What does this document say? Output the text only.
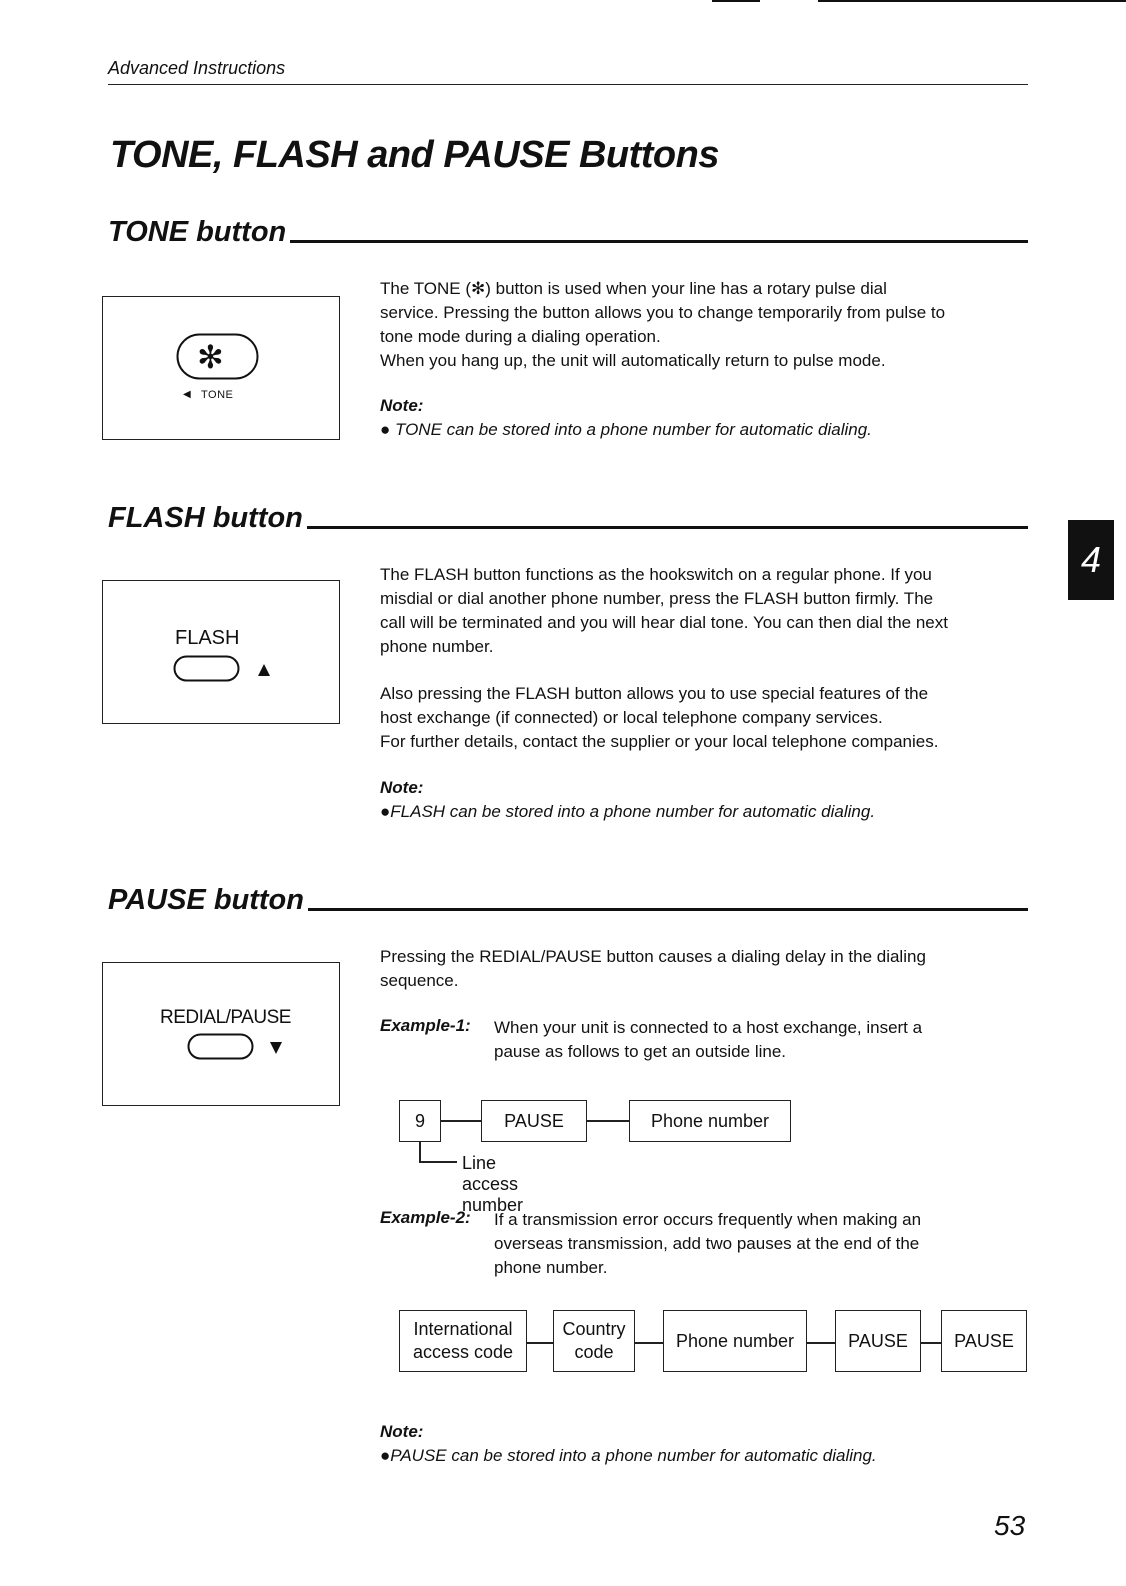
Advanced Instructions
TONE, FLASH and PAUSE Buttons
TONE button
✻
◀ TONE
The TONE (✻) button is used when your line has a rotary pulse dial
service. Pressing the button allows you to change temporarily from pulse to
tone mode during a dialing operation.
When you hang up, the unit will automatically return to pulse mode.
Note:
● TONE can be stored into a phone number for automatic dialing.
FLASH button
FLASH
The FLASH button functions as the hookswitch on a regular phone. If you
misdial or dial another phone number, press the FLASH button firmly. The
call will be terminated and you will hear dial tone. You can then dial the next
phone number.
Also pressing the FLASH button allows you to use special features of the
host exchange (if connected) or local telephone company services.
For further details, contact the supplier or your local telephone companies.
Note:
●FLASH can be stored into a phone number for automatic dialing.
PAUSE button
REDIAL/PAUSE
Pressing the REDIAL/PAUSE button causes a dialing delay in the dialing
sequence.
Example-1: When your unit is connected to a host exchange, insert a
pause as follows to get an outside line.
9	PAUSE	Phone number
Line access number
Example-2: If a transmission error occurs frequently when making an
overseas transmission, add two pauses at the end of the
phone number.
International
access code
Country
code
Phone number	PAUSE	PAUSE
Note:
●PAUSE can be stored into a phone number for automatic dialing.
4
53
